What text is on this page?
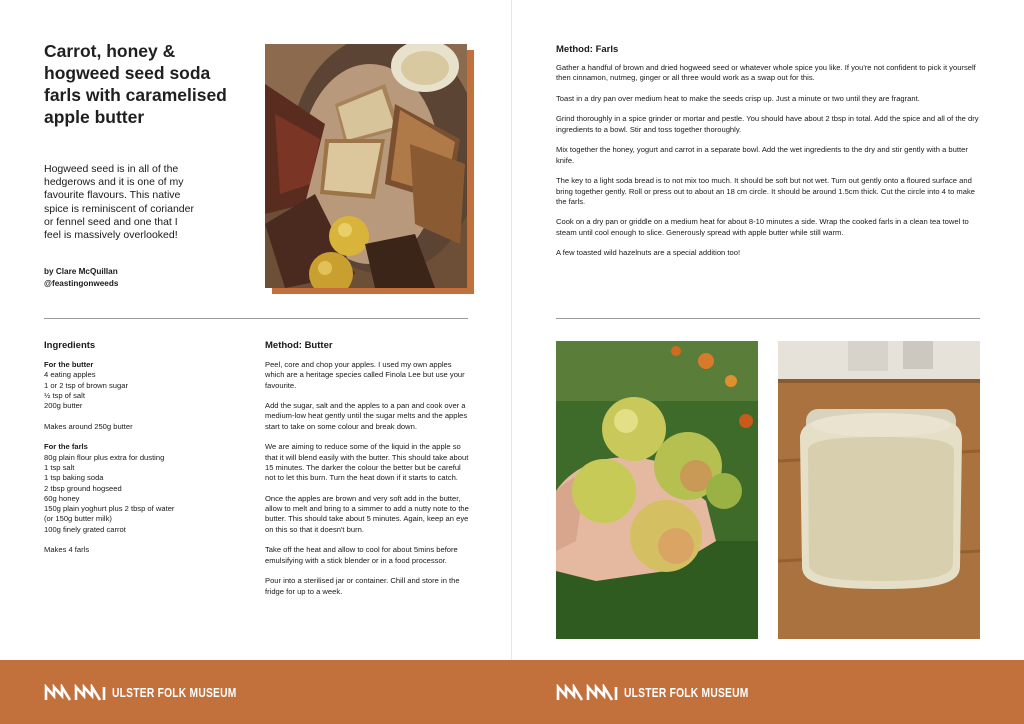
Carrot, honey & hogweed seed soda farls with caramelised apple butter

Hogweed seed is in all of the hedgerows and it is one of my favourite flavours. This native spice is reminiscent of coriander or fennel seed and one that I feel is massively overlooked!

by Clare McQuillan
@feastingonweeds
Ingredients
For the butter
4 eating apples
1 or 2 tsp of brown sugar
½ tsp of salt
200g butter
Makes around 250g butter
For the farls
80g plain flour plus extra for dusting
1 tsp salt
1 tsp baking soda
2 tbsp ground hogseed
60g honey
150g plain yoghurt plus 2 tbsp of water
(or 150g butter milk)
100g finely grated carrot
Makes 4 farls
Method: Butter

Peel, core and chop your apples. I used my own apples which are a heritage species called Finola Lee but use your favourite.

Add the sugar, salt and the apples to a pan and cook over a medium-low heat gently until the sugar melts and the apples start to take on some colour and break down.

We are aiming to reduce some of the liquid in the apple so that it will blend easily with the butter. This should take about 15 minutes. The darker the colour the better but be careful not to let this burn. Turn the heat down if it starts to catch.

Once the apples are brown and very soft add in the butter, allow to melt and bring to a simmer to add a nutty note to the butter. This should take about 5 minutes. Again, keep an eye on this so that it doesn't burn.

Take off the heat and allow to cool for about 5mins before emulsifying with a stick blender or in a food processor.

Pour into a sterilised jar or container. Chill and store in the fridge for up to a week.

ULSTER FOLK MUSEUM
Method: Farls

Gather a handful of brown and dried hogweed seed or whatever whole spice you like. If you're not confident to pick it yourself then cinnamon, nutmeg, ginger or all three would work as a swap out for this.

Toast in a dry pan over medium heat to make the seeds crisp up. Just a minute or two until they are fragrant.

Grind thoroughly in a spice grinder or mortar and pestle. You should have about 2 tbsp in total. Add the spice and all of the dry ingredients to a bowl. Stir and toss together thoroughly.

Mix together the honey, yogurt and carrot in a separate bowl. Add the wet ingredients to the dry and stir gently with a butter knife.

The key to a light soda bread is to not mix too much. It should be soft but not wet. Turn out gently onto a floured surface and bring together gently. Roll or press out to about an 18 cm circle. It should be around 1.5cm thick. Cut the circle into 4 to make the farls.

Cook on a dry pan or griddle on a medium heat for about 8-10 minutes a side. Wrap the cooked farls in a clean tea towel to steam until cool enough to slice. Generously spread with apple butter while still warm.

A few toasted wild hazelnuts are a special addition too!

ULSTER FOLK MUSEUM
